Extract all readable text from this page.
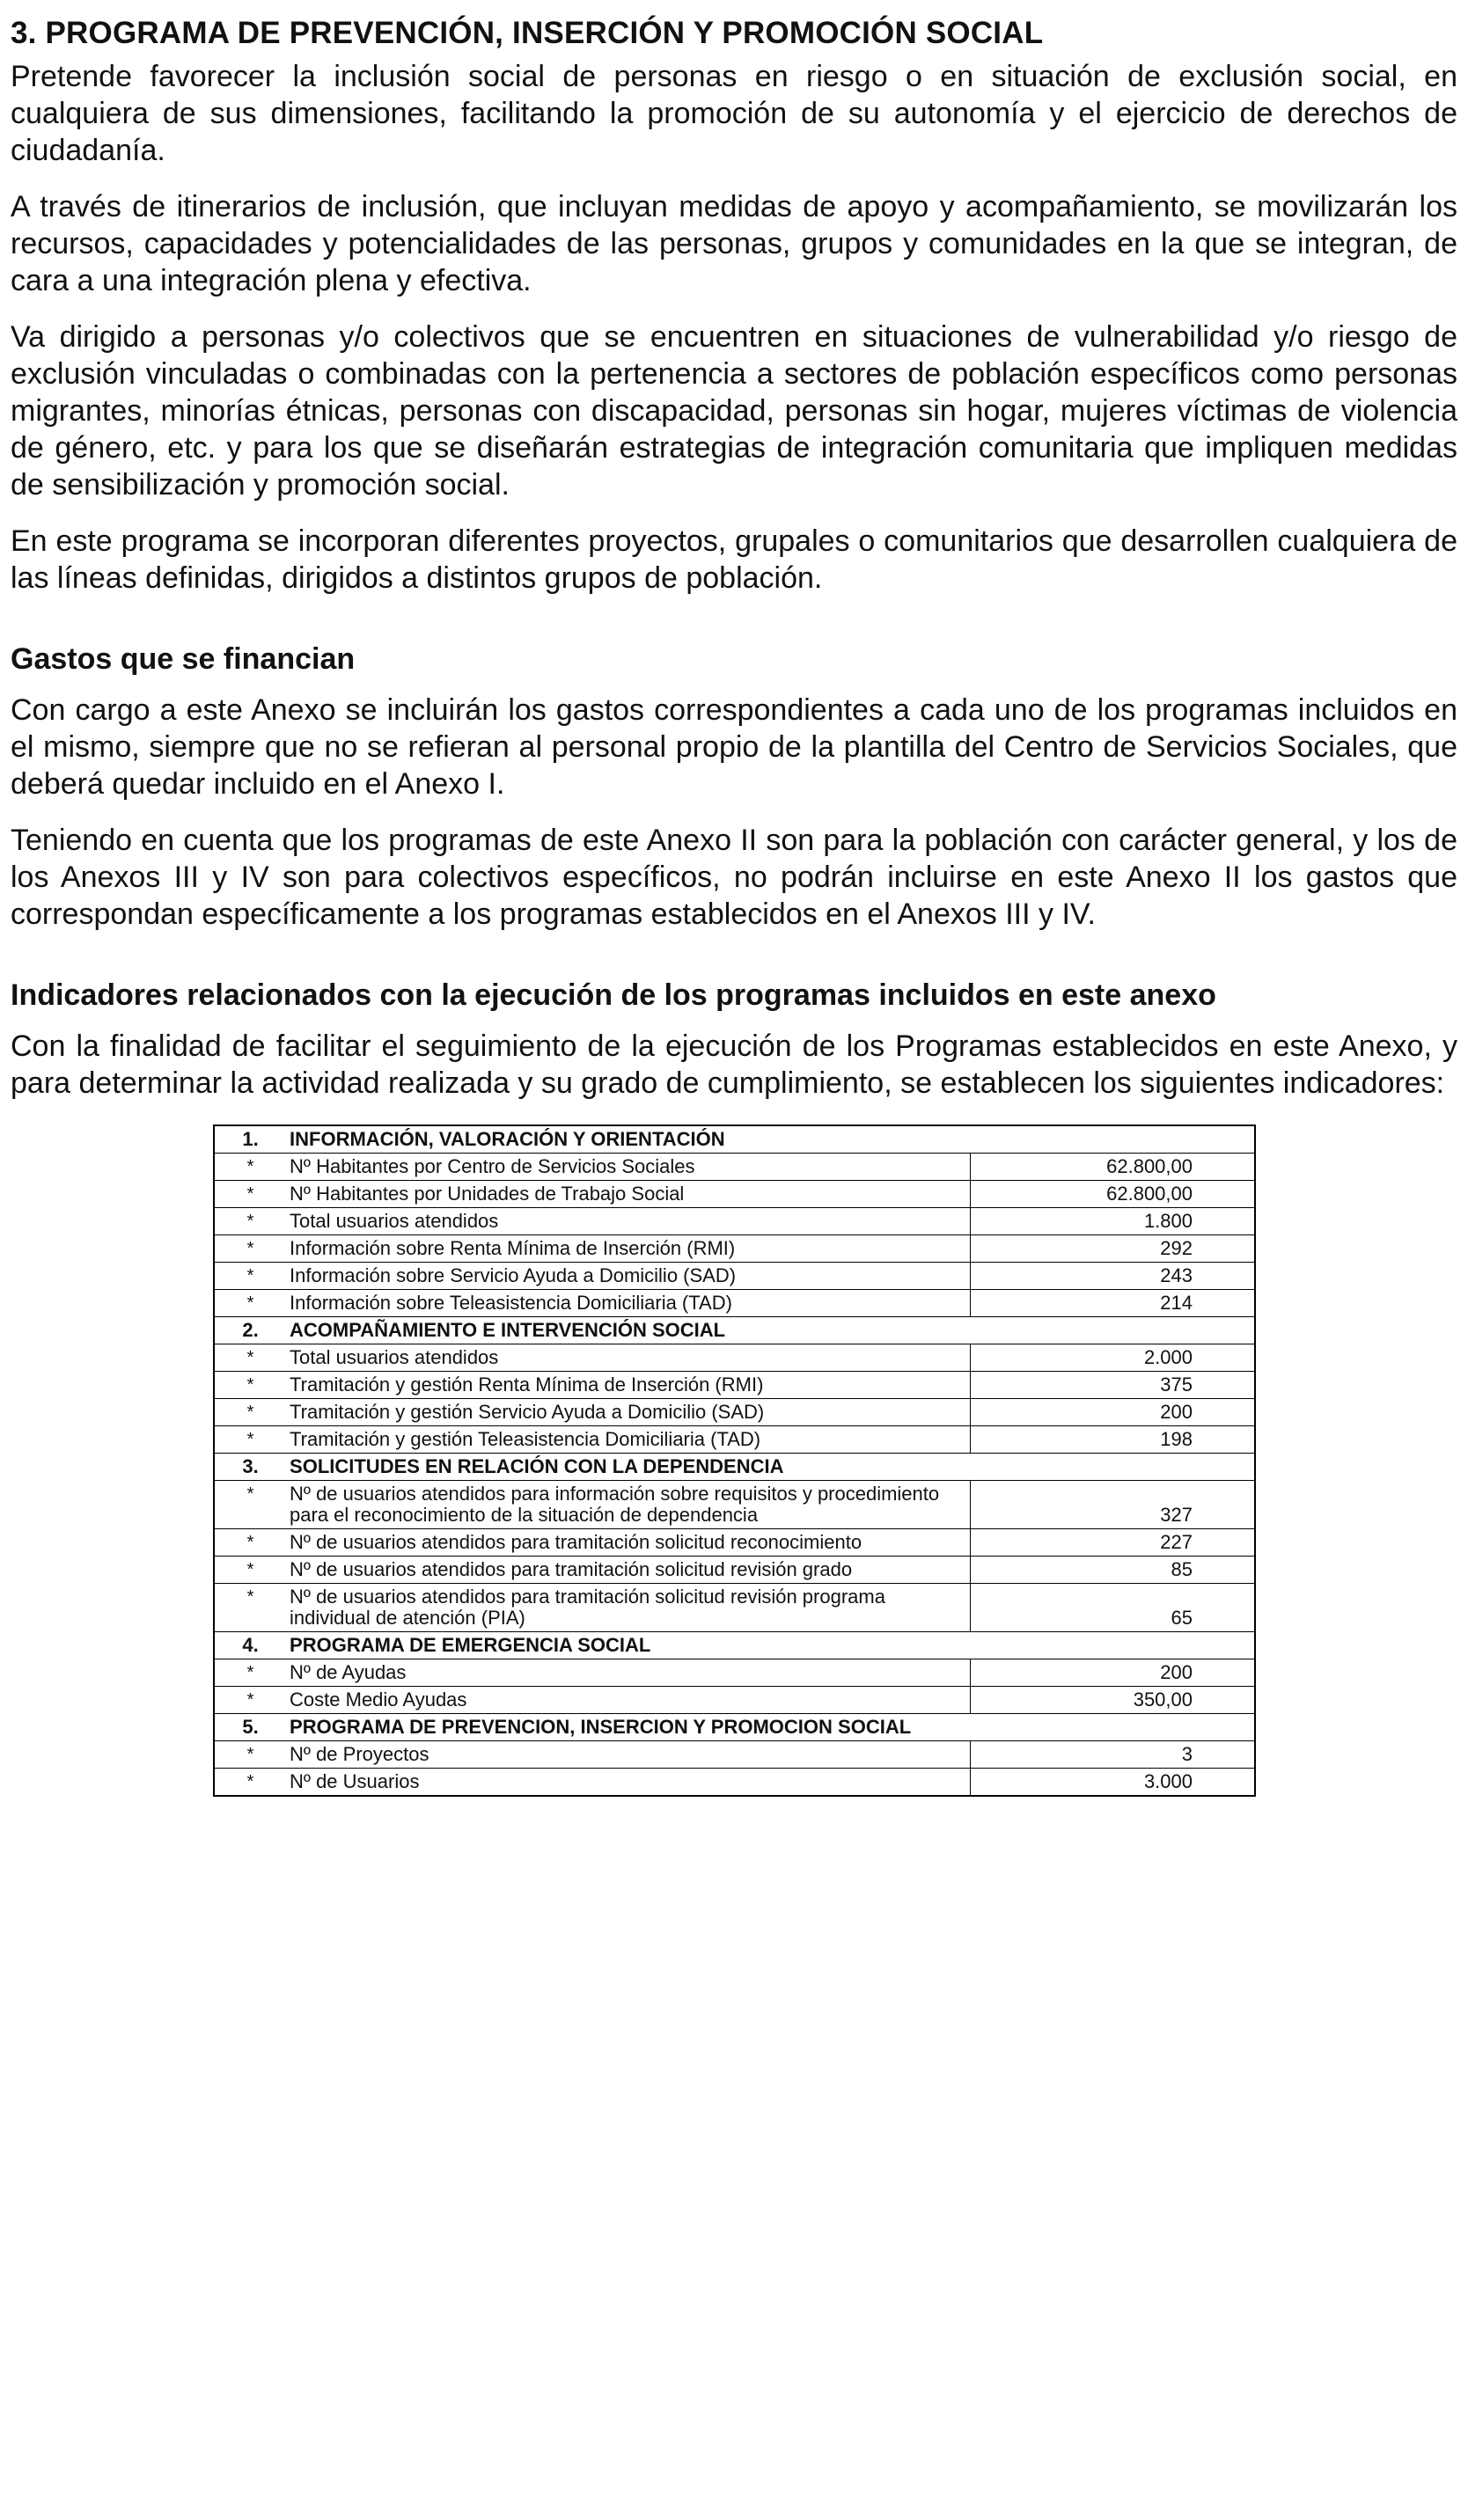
3. PROGRAMA DE PREVENCIÓN, INSERCIÓN Y PROMOCIÓN SOCIAL

Pretende favorecer la inclusión social de personas en riesgo o en situación de exclusión social, en cualquiera de sus dimensiones, facilitando la promoción de su autonomía y el ejercicio de derechos de ciudadanía.

A través de itinerarios de inclusión, que incluyan medidas de apoyo y acompañamiento, se movilizarán los recursos, capacidades y potencialidades de las personas, grupos y comunidades en la que se integran, de cara a una integración plena y efectiva.

Va dirigido a personas y/o colectivos que se encuentren en situaciones de vulnerabilidad y/o riesgo de exclusión vinculadas o combinadas con la pertenencia a sectores de población específicos como personas migrantes, minorías étnicas, personas con discapacidad, personas sin hogar, mujeres víctimas de violencia de género, etc. y para los que se diseñarán estrategias de integración comunitaria que impliquen medidas de sensibilización y promoción social.

En este programa se incorporan diferentes proyectos, grupales o comunitarios que desarrollen cualquiera de las líneas definidas, dirigidos a distintos grupos de población.

Gastos que se financian

Con cargo a este Anexo se incluirán los gastos correspondientes a cada uno de los programas incluidos en el mismo, siempre que no se refieran al personal propio de la plantilla del Centro de Servicios Sociales, que deberá quedar incluido en el Anexo I.

Teniendo en cuenta que los programas de este Anexo II son para la población con carácter general, y los de los Anexos III y IV son para colectivos específicos, no podrán incluirse en este Anexo II los gastos que correspondan específicamente a los programas establecidos en el Anexos III y IV.

Indicadores relacionados con la ejecución de los programas incluidos en este anexo

Con la finalidad de facilitar el seguimiento de la ejecución de los Programas establecidos en este Anexo, y para determinar la actividad realizada y su grado de cumplimiento, se establecen los siguientes indicadores:

1.	INFORMACIÓN, VALORACIÓN Y ORIENTACIÓN	
*	Nº Habitantes por Centro de Servicios Sociales	62.800,00
*	Nº Habitantes por Unidades de Trabajo Social	62.800,00
*	Total usuarios atendidos	1.800
*	Información sobre Renta Mínima de Inserción (RMI)	292
*	Información sobre Servicio Ayuda a Domicilio (SAD)	243
*	Información sobre Teleasistencia Domiciliaria (TAD)	214
2.	ACOMPAÑAMIENTO E INTERVENCIÓN SOCIAL	
*	Total usuarios atendidos	2.000
*	Tramitación y gestión Renta Mínima de Inserción (RMI)	375
*	Tramitación y gestión Servicio Ayuda a Domicilio (SAD)	200
*	Tramitación y gestión Teleasistencia Domiciliaria (TAD)	198
3.	SOLICITUDES EN RELACIÓN CON LA DEPENDENCIA	
*	Nº de usuarios atendidos para información sobre requisitos y procedimiento para el reconocimiento de la situación de dependencia	327
*	Nº de usuarios atendidos para tramitación solicitud reconocimiento	227
*	Nº de usuarios atendidos para tramitación solicitud revisión grado	85
*	Nº de usuarios atendidos para tramitación solicitud revisión programa individual de atención (PIA)	65
4.	PROGRAMA DE EMERGENCIA SOCIAL	
*	Nº de Ayudas	200
*	Coste Medio Ayudas	350,00
5.	PROGRAMA DE PREVENCION, INSERCION Y PROMOCION SOCIAL	
*	Nº de Proyectos	3
*	Nº de Usuarios	3.000
